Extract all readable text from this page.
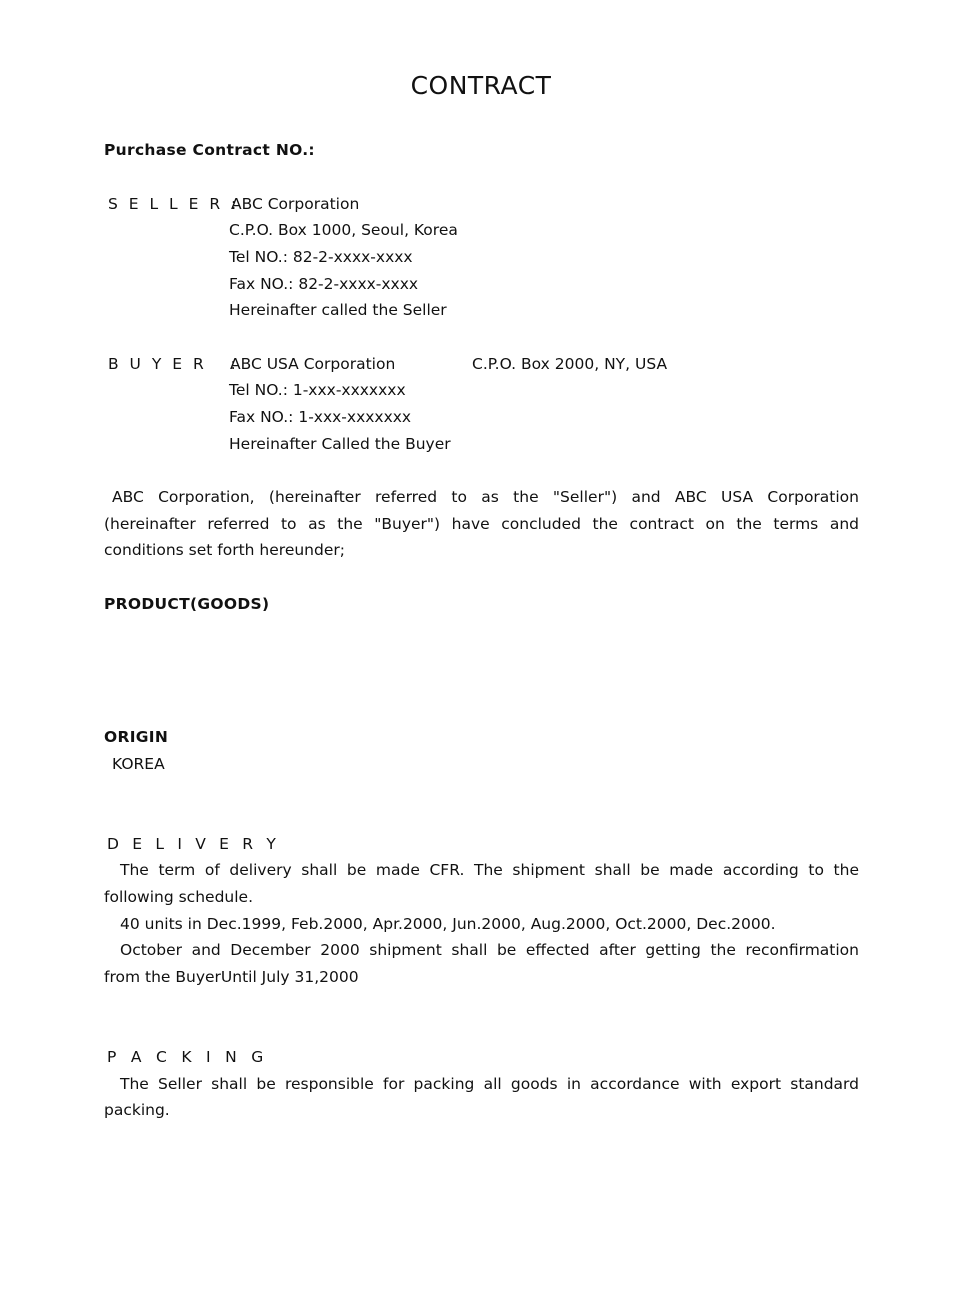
CONTRACT
Purchase Contract NO.:
S E L L E R :
ABC Corporation
C.P.O. Box 1000, Seoul, Korea
Tel NO.: 82-2-xxxx-xxxx
Fax NO.: 82-2-xxxx-xxxx
Hereinafter called the Seller
B U Y E R   :
ABC USA Corporation	C.P.O. Box 2000, NY, USA
Tel NO.: 1-xxx-xxxxxxx
Fax NO.: 1-xxx-xxxxxxx
Hereinafter Called the Buyer
ABC Corporation, (hereinafter referred to as the "Seller") and ABC USA Corporation
(hereinafter referred to as the "Buyer") have concluded the contract on the terms and
conditions set forth hereunder;
PRODUCT(GOODS)
ORIGIN
KOREA
D E L I V E R Y
The term of delivery shall be made CFR. The shipment shall be made according to the
following schedule.
40 units in Dec.1999, Feb.2000, Apr.2000, Jun.2000, Aug.2000, Oct.2000, Dec.2000.
October and December 2000 shipment shall be effected after getting the reconfirmation
from the BuyerUntil July 31,2000
P A C K I N G
The Seller shall be responsible for packing all goods in accordance with export standard
packing.
